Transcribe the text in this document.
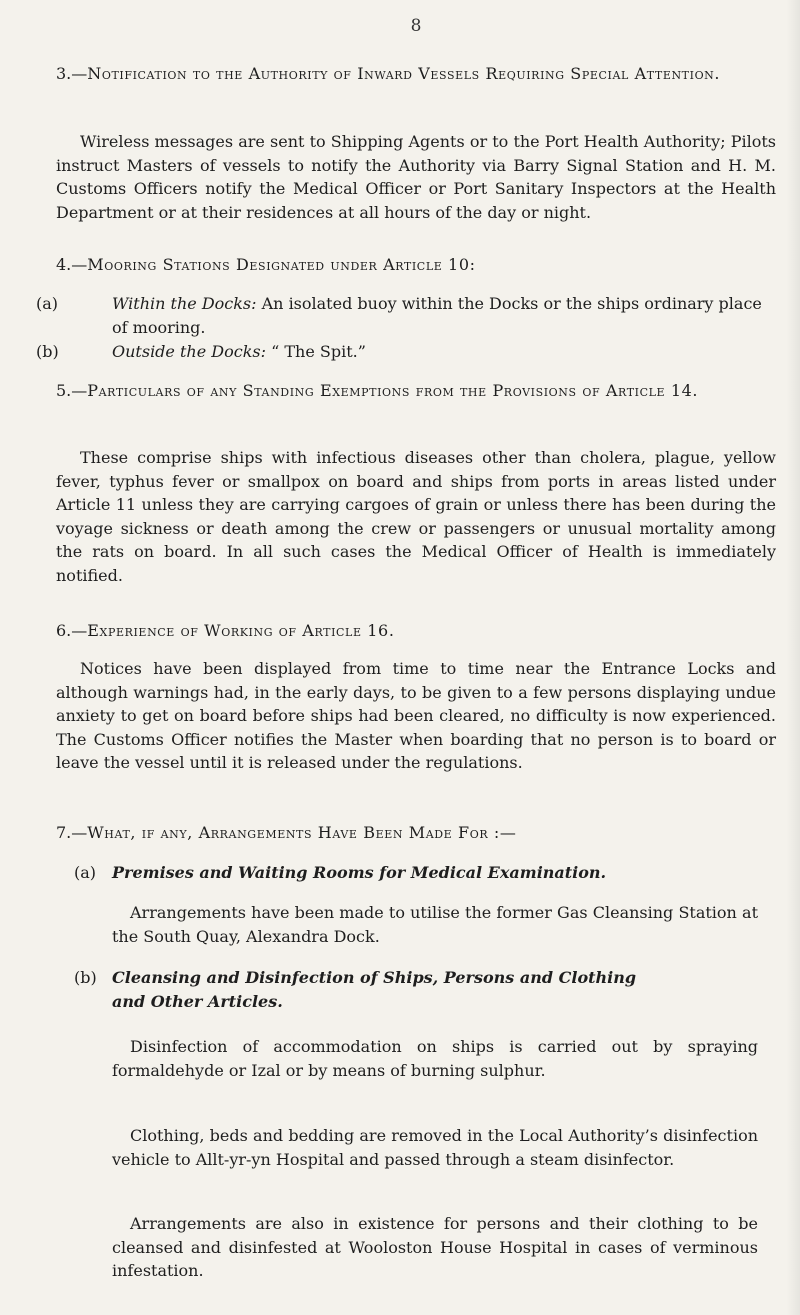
8
3.—Notification to the Authority of Inward Vessels Requiring Special Attention.

Wireless messages are sent to Shipping Agents or to the Port Health Authority; Pilots instruct Masters of vessels to notify the Authority via Barry Signal Station and H. M. Customs Officers notify the Medical Officer or Port Sanitary Inspectors at the Health Department or at their residences at all hours of the day or night.

4.—Mooring Stations Designated under Article 10:
(a)	Within the Docks: An isolated buoy within the Docks or the ships ordinary place of mooring.
(b)	Outside the Docks: “ The Spit.”
5.—Particulars of any Standing Exemptions from the Provisions of Article 14.

These comprise ships with infectious diseases other than cholera, plague, yellow fever, typhus fever or smallpox on board and ships from ports in areas listed under Article 11 unless they are carrying cargoes of grain or unless there has been during the voyage sickness or death among the crew or passengers or unusual mortality among the rats on board. In all such cases the Medical Officer of Health is immediately notified.

6.—Experience of Working of Article 16.

Notices have been displayed from time to time near the Entrance Locks and although warnings had, in the early days, to be given to a few persons displaying undue anxiety to get on board before ships had been cleared, no difficulty is now experienced. The Customs Officer notifies the Master when boarding that no person is to board or leave the vessel until it is released under the regulations.

7.—What, if any, Arrangements Have Been Made For :—
(a) Premises and Waiting Rooms for Medical Examination.

Arrangements have been made to utilise the former Gas Cleansing Station at the South Quay, Alexandra Dock.

(b) Cleansing and Disinfection of Ships, Persons and Clothing
and Other Articles.

Disinfection of accommodation on ships is carried out by spraying formaldehyde or Izal or by means of burning sulphur.

Clothing, beds and bedding are removed in the Local Authority’s disinfection vehicle to Allt-yr-yn Hospital and passed through a steam disinfector.

Arrangements are also in existence for persons and their clothing to be cleansed and disinfested at Wooloston House Hospital in cases of verminous infestation.
